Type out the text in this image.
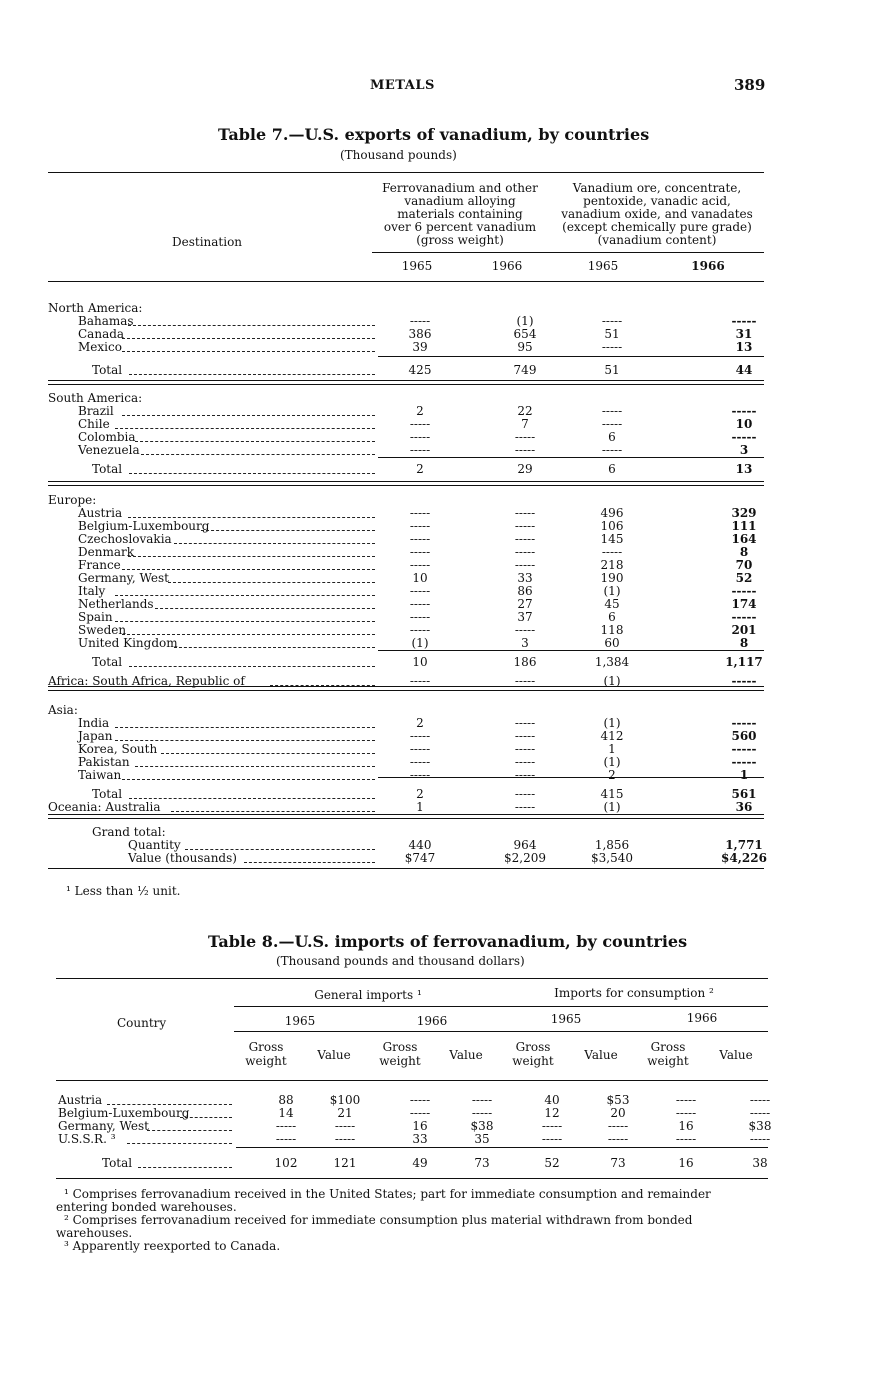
METALS	389
Table 7.—U.S. exports of vanadium, by countries
(Thousand pounds)
Ferrovanadium and other
vanadium alloying
materials containing
over 6 percent vanadium
(gross weight)
Vanadium ore, concentrate,
pentoxide, vanadic acid,
vanadium oxide, and vanadates
(except chemically pure grade)
(vanadium content)
Destination
1965	1966	1965	1966
North America:
Bahamas	-----	(1)	-----	-----
Canada	386	654	51	31
Mexico	39	95	-----	13
Total	425	749	51	44
South America:
Brazil	2	22	-----	-----
Chile	-----	7	-----	10
Colombia	-----	-----	6	-----
Venezuela	-----	-----	-----	3
Total	2	29	6	13
Europe:
Austria	-----	-----	496	329
Belgium-Luxembourg	-----	-----	106	111
Czechoslovakia	-----	-----	145	164
Denmark	-----	-----	-----	8
France	-----	-----	218	70
Germany, West	10	33	190	52
Italy	-----	86	(1)	-----
Netherlands	-----	27	45	174
Spain	-----	37	6	-----
Sweden	-----	-----	118	201
United Kingdom	(1)	3	60	8
Total	10	186	1,384	1,117
Africa: South Africa, Republic of	-----	-----	(1)	-----
Asia:
India	2	-----	(1)	-----
Japan	-----	-----	412	560
Korea, South	-----	-----	1	-----
Pakistan	-----	-----	(1)	-----
Taiwan	-----	-----	2	1
Total	2	-----	415	561
Oceania: Australia	1	-----	(1)	36
Grand total:
Quantity	440	964	1,856	1,771
Value (thousands)	$747	$2,209	$3,540	$4,226
¹ Less than ½ unit.
Table 8.—U.S. imports of ferrovanadium, by countries
(Thousand pounds and thousand dollars)
General imports ¹	Imports for consumption ²
Country	1965	1966	1965	1966
Gross weight	Value
Gross weight	Value
Gross weight	Value
Gross weight	Value
Austria	88	$100	-----	-----	40	$53	-----	-----
Belgium-Luxembourg	14	21	-----	-----	12	20	-----	-----
Germany, West	-----	-----	16	$38	-----	-----	16	$38
U.S.S.R. ³	-----	-----	33	35	-----	-----	-----	-----
Total	102	121	49	73	52	73	16	38
¹ Comprises ferrovanadium received in the United States; part for immediate consumption and remainder
entering bonded warehouses.
² Comprises ferrovanadium received for immediate consumption plus material withdrawn from bonded
warehouses.
³ Apparently reexported to Canada.
